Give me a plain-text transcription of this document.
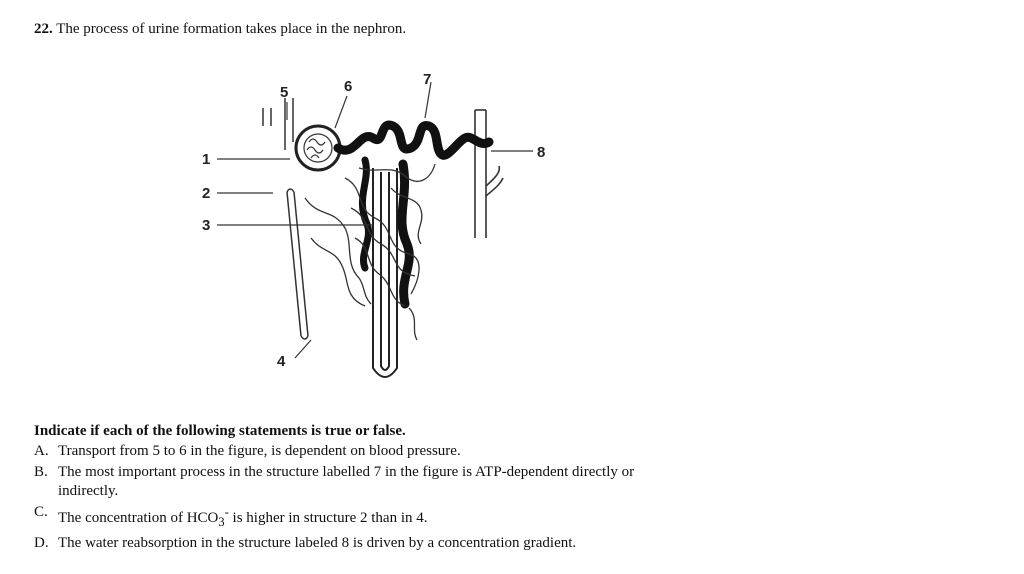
22. The process of urine formation takes place in the nephron.
1
2
3
4
5	6	7
8
Indicate if each of the following statements is true or false.
A. Transport from 5 to 6 in the figure, is dependent on blood pressure.
B. The most important process in the structure labelled 7 in the figure is ATP-dependent directly or indirectly.
C. The concentration of $HCO_3^-$ is higher in structure 2 than in 4.
D. The water reabsorption in the structure labeled 8 is driven by a concentration gradient.
